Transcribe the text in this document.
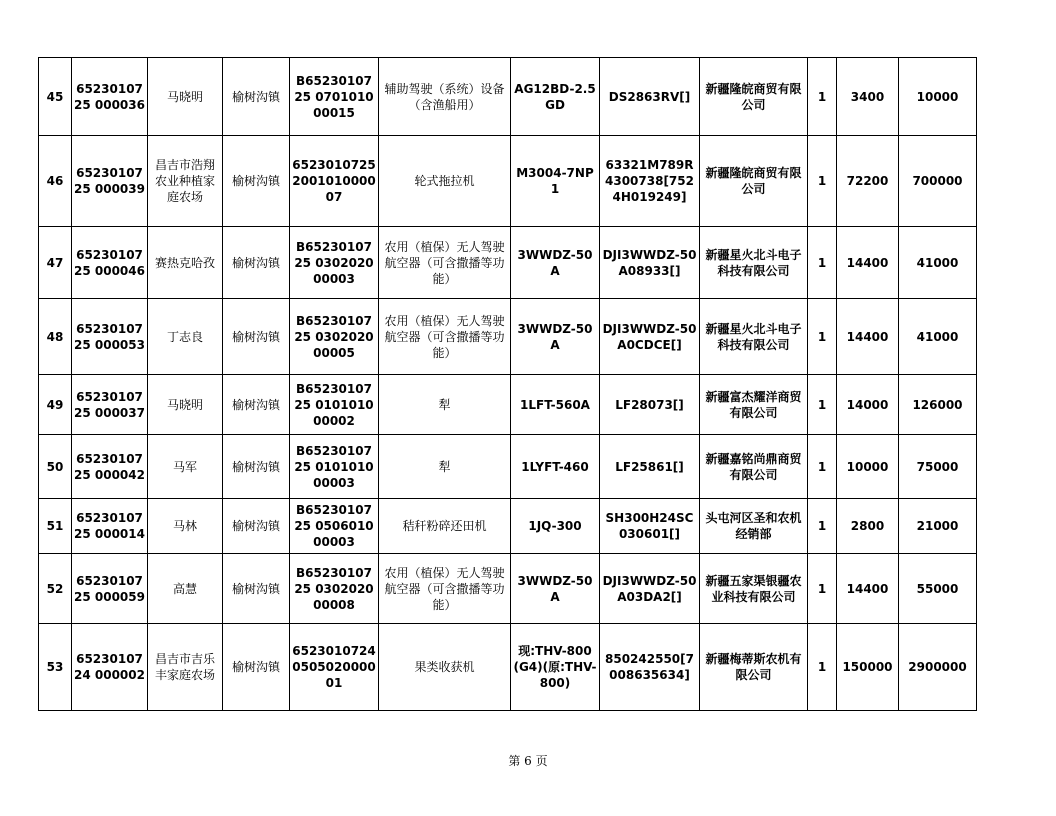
45	6523010725 000036	马晓明	榆树沟镇	B6523010725 070101000015	辅助驾驶（系统）设备（含渔船用）	AG12BD-2.5GD	DS2863RV[]	新疆隆皖商贸有限公司	1	3400	10000
46	6523010725 000039	昌吉市浩翔农业种植家庭农场	榆树沟镇	6523010725200101000007	轮式拖拉机	M3004-7NP1	63321M789R4300738[7524H019249]	新疆隆皖商贸有限公司	1	72200	700000
47	6523010725 000046	赛热克哈孜	榆树沟镇	B6523010725 030202000003	农用（植保）无人驾驶航空器（可含撒播等功能）	3WWDZ-50A	DJI3WWDZ-50A08933[]	新疆星火北斗电子科技有限公司	1	14400	41000
48	6523010725 000053	丁志良	榆树沟镇	B6523010725 030202000005	农用（植保）无人驾驶航空器（可含撒播等功能）	3WWDZ-50A	DJI3WWDZ-50A0CDCE[]	新疆星火北斗电子科技有限公司	1	14400	41000
49	6523010725 000037	马晓明	榆树沟镇	B6523010725 010101000002	犁	1LFT-560A	LF28073[]	新疆富杰耀洋商贸有限公司	1	14000	126000
50	6523010725 000042	马军	榆树沟镇	B6523010725 010101000003	犁	1LYFT-460	LF25861[]	新疆嘉铭尚鼎商贸有限公司	1	10000	75000
51	6523010725 000014	马林	榆树沟镇	B6523010725 050601000003	秸秆粉碎还田机	1JQ-300	SH300H24SC030601[]	头屯河区圣和农机经销部	1	2800	21000
52	6523010725 000059	高慧	榆树沟镇	B6523010725 030202000008	农用（植保）无人驾驶航空器（可含撒播等功能）	3WWDZ-50A	DJI3WWDZ-50A03DA2[]	新疆五家渠银疆农业科技有限公司	1	14400	55000
53	6523010724 000002	昌吉市吉乐丰家庭农场	榆树沟镇	6523010724050502000001	果类收获机	现:THV-800(G4)(原:THV-800)	850242550[7008635634]	新疆梅蒂斯农机有限公司	1	150000	2900000
第 6 页
